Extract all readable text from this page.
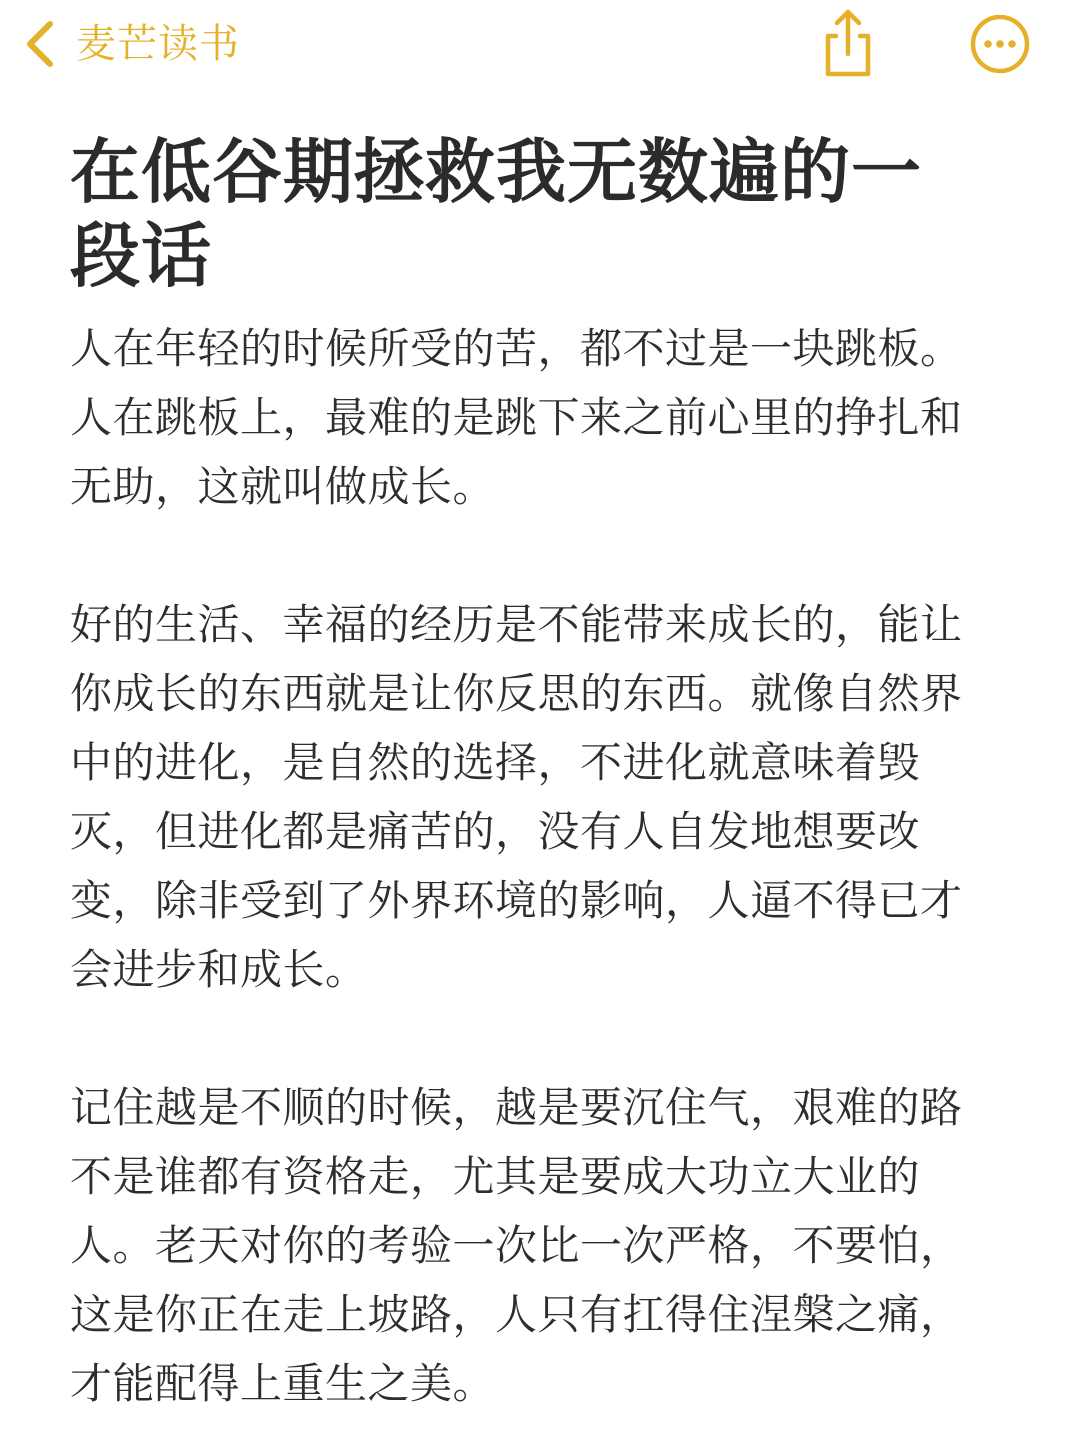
麦芒读书
在低谷期拯救我无数遍的一段话

人在年轻的时候所受的苦，都不过是一块跳板。人在跳板上，最难的是跳下来之前心里的挣扎和无助，这就叫做成长。

好的生活、幸福的经历是不能带来成长的，能让你成长的东西就是让你反思的东西。就像自然界中的进化，是自然的选择，不进化就意味着毁灭，但进化都是痛苦的，没有人自发地想要改变，除非受到了外界环境的影响，人逼不得已才会进步和成长。

记住越是不顺的时候，越是要沉住气，艰难的路不是谁都有资格走，尤其是要成大功立大业的人。老天对你的考验一次比一次严格，不要怕，这是你正在走上坡路，人只有扛得住涅槃之痛，才能配得上重生之美。
